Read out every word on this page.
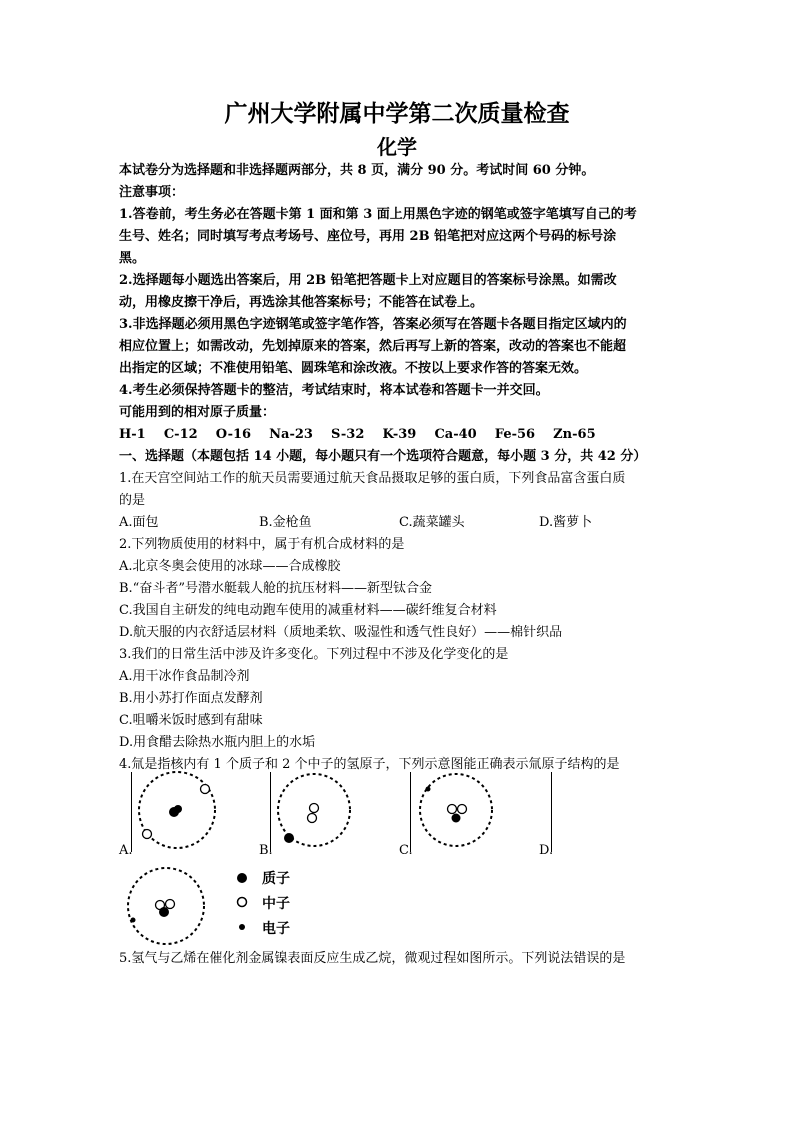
广州大学附属中学第二次质量检查
化学
本试卷分为选择题和非选择题两部分，共 8 页，满分 90 分。考试时间 60 分钟。
注意事项：
1.答卷前，考生务必在答题卡第 1 面和第 3 面上用黑色字迹的钢笔或签字笔填写自己的考
生号、姓名；同时填写考点考场号、座位号，再用 2B 铅笔把对应这两个号码的标号涂
黑。
2.选择题每小题选出答案后，用 2B 铅笔把答题卡上对应题目的答案标号涂黑。如需改
动，用橡皮擦干净后，再选涂其他答案标号；不能答在试卷上。
3.非选择题必须用黑色字迹钢笔或签字笔作答，答案必须写在答题卡各题目指定区域内的
相应位置上；如需改动，先划掉原来的答案，然后再写上新的答案，改动的答案也不能超
出指定的区域；不准使用铅笔、圆珠笔和涂改液。不按以上要求作答的答案无效。
4.考生必须保持答题卡的整洁，考试结束时，将本试卷和答题卡一并交回。
可能用到的相对原子质量：
H-1    C-12    O-16    Na-23    S-32    K-39    Ca-40    Fe-56    Zn-65
一、选择题（本题包括 14 小题，每小题只有一个选项符合题意，每小题 3 分，共 42 分）
1.在天宫空间站工作的航天员需要通过航天食品摄取足够的蛋白质，下列食品富含蛋白质
的是
A.面包	B.金枪鱼	C.蔬菜罐头	D.酱萝卜
2.下列物质使用的材料中，属于有机合成材料的是
A.北京冬奥会使用的冰球——合成橡胶
B.“奋斗者”号潜水艇载人舱的抗压材料——新型钛合金
C.我国自主研发的纯电动跑车使用的减重材料——碳纤维复合材料
D.航天服的内衣舒适层材料（质地柔软、吸湿性和透气性良好）——棉针织品
3.我们的日常生活中涉及许多变化。下列过程中不涉及化学变化的是
A.用干冰作食品制冷剂
B.用小苏打作面点发酵剂
C.咀嚼米饭时感到有甜味
D.用食醋去除热水瓶内胆上的水垢
4.氚是指核内有 1 个质子和 2 个中子的氢原子，下列示意图能正确表示氚原子结构的是
A.	B.	C.	D.
质子
中子
电子
5.氢气与乙烯在催化剂金属镍表面反应生成乙烷，微观过程如图所示。下列说法错误的是
